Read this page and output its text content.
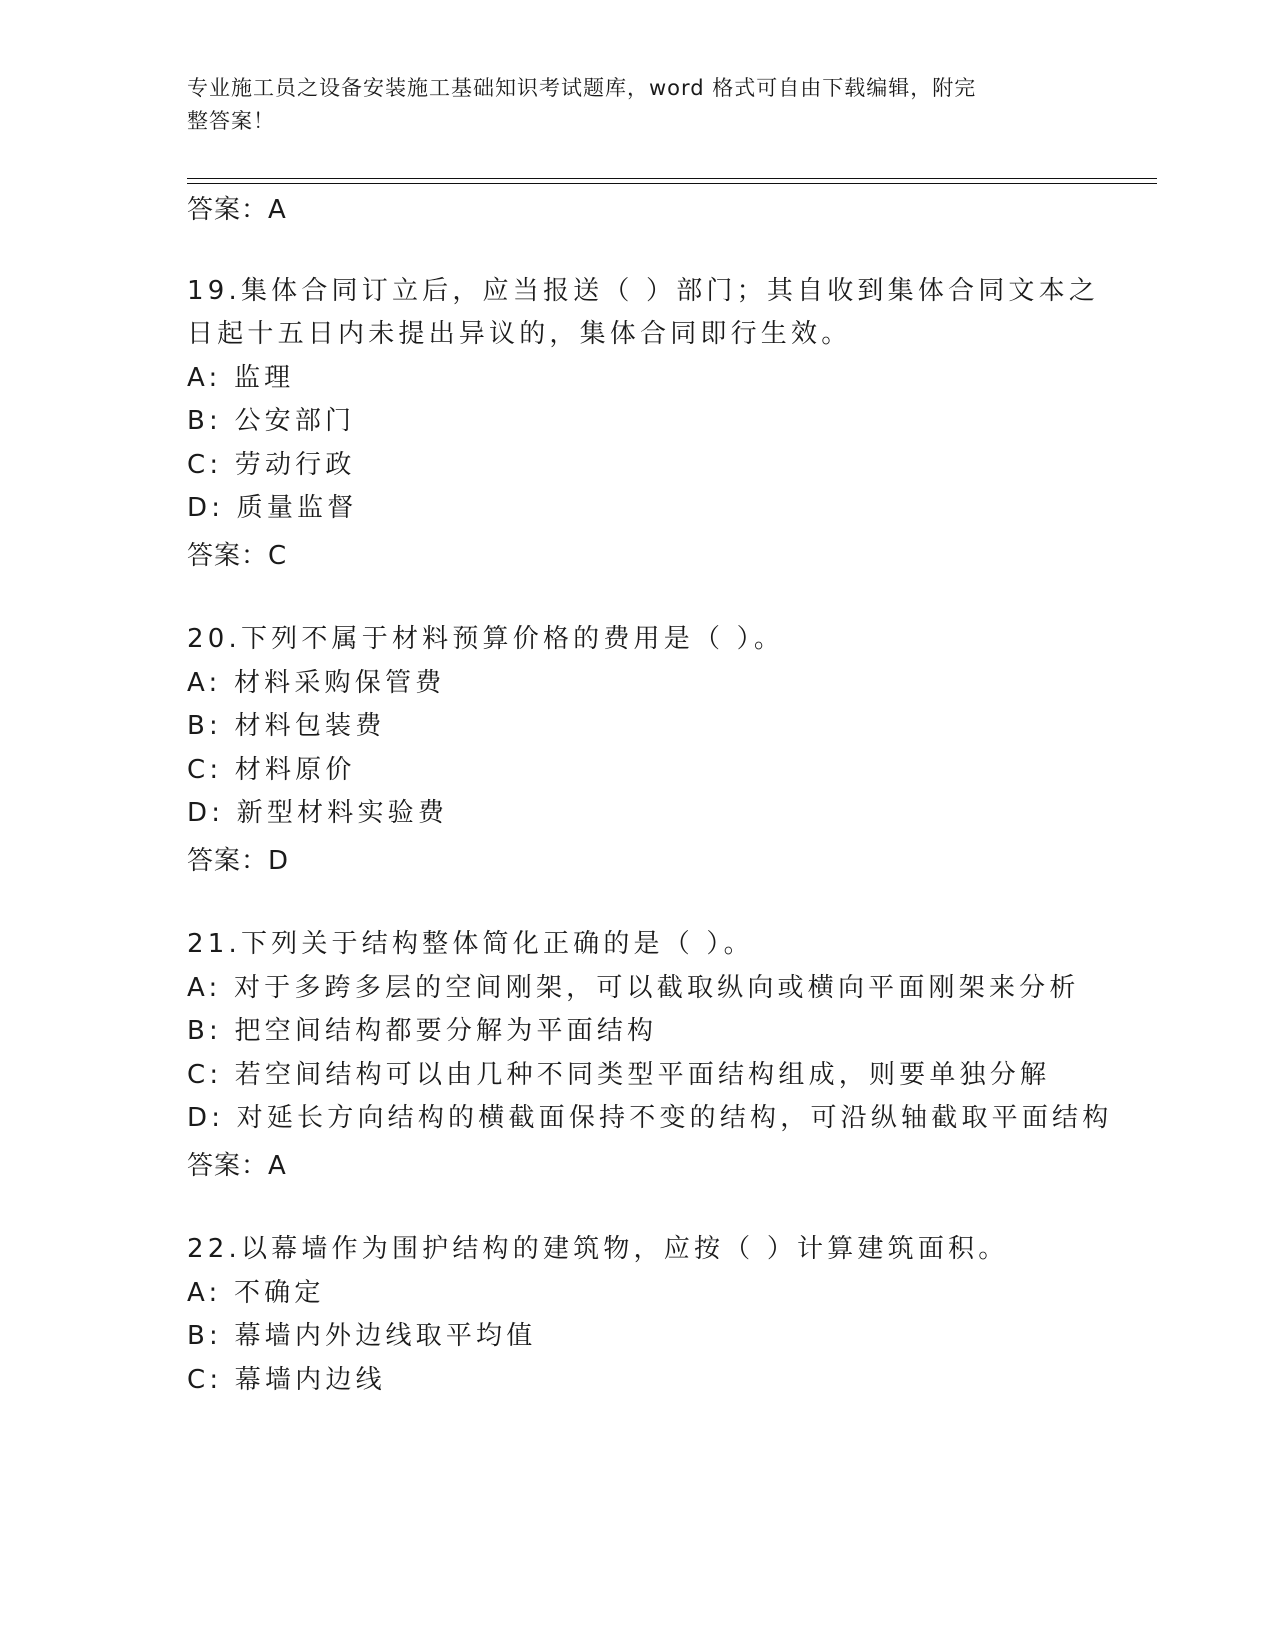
专业施工员之设备安装施工基础知识考试题库，word 格式可自由下载编辑，附完
整答案！
答案：A
19.集体合同订立后，应当报送（ ）部门；其自收到集体合同文本之
日起十五日内未提出异议的，集体合同即行生效。
A: 监理
B: 公安部门
C: 劳动行政
D: 质量监督
答案：C
20.下列不属于材料预算价格的费用是（ ）。
A: 材料采购保管费
B: 材料包装费
C: 材料原价
D: 新型材料实验费
答案：D
21.下列关于结构整体简化正确的是（ ）。
A: 对于多跨多层的空间刚架，可以截取纵向或横向平面刚架来分析
B: 把空间结构都要分解为平面结构
C: 若空间结构可以由几种不同类型平面结构组成，则要单独分解
D: 对延长方向结构的横截面保持不变的结构，可沿纵轴截取平面结构
答案：A
22.以幕墙作为围护结构的建筑物，应按（ ）计算建筑面积。
A: 不确定
B: 幕墙内外边线取平均值
C: 幕墙内边线
